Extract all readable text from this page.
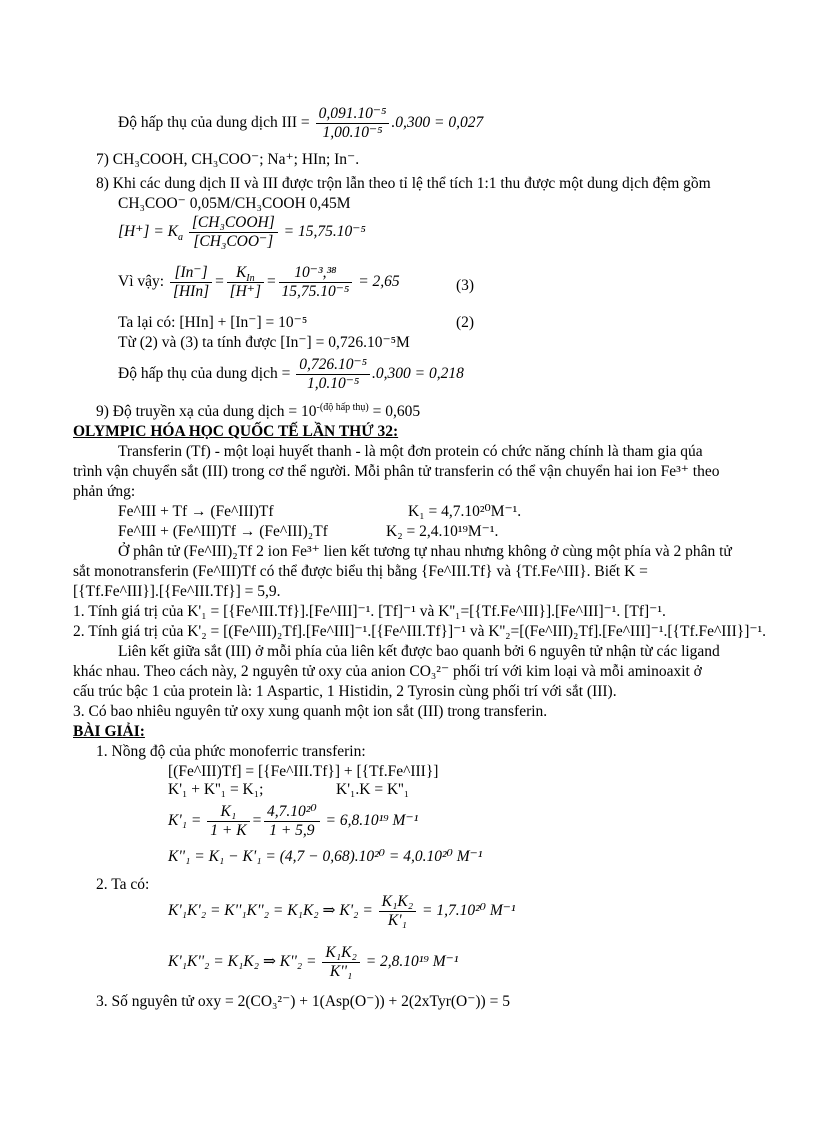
Độ hấp thụ của dung dịch III = $\frac{\text{0,091.10⁻⁵}}{\text{1,00.10⁻⁵}} .0,300 = 0,027$
7) CH₃COOH, CH₃COO⁻; Na⁺; HIn; In⁻.
8) Khi các dung dịch II và III được trộn lẫn theo tỉ lệ thể tích 1:1 thu được một dung dịch đệm gồm
CH₃COO⁻ 0,05M/CH₃COOH 0,45M
$[H^+] = K_a \frac{\text{[CH₃COOH]}}{\text{[CH₃COO⁻]}} = 15,75.10^{-5}$
Vì vậy: $\frac{[In^-]}{\text{[HIn]}} = \frac{K_{In}}{[H^+]} = \frac{\text{10⁻³,³⁸}}{\text{15,75.10⁻⁵}} = 2,65$	(3)
Ta lại có: [HIn] + [In⁻] = 10⁻⁵	(2)
Từ (2) và (3) ta tính được [In⁻] = 0,726.10⁻⁵M
Độ hấp thụ của dung dịch = $\frac{\text{0,726.10⁻⁵}}{\text{1,0.10⁻⁵}} .0,300 = 0,218$
9) Độ truyền xạ của dung dịch = $10^{-(độ hấp thụ)} = 0,605$
OLYMPIC HÓA HỌC QUỐC TẾ LẦN THỨ 32:
Transferin (Tf) - một loại huyết thanh - là một đơn protein có chức năng chính là tham gia qúa
trình vận chuyển sắt (III) trong cơ thể người. Mỗi phân tử transferin có thể vận chuyển hai ion Fe³⁺ theo
phản ứng:
Fe^III + Tf → (Fe^III)Tf	K₁ = 4,7.10²⁰M⁻¹.
Fe^III + (Fe^III)Tf → (Fe^III)₂Tf	K₂ = 2,4.10¹⁹M⁻¹.
Ở phân tử (Fe^III)₂Tf 2 ion Fe³⁺ lien kết tương tự nhau nhưng không ở cùng một phía và 2 phân tử
sắt monotransferin (Fe^III)Tf có thể được biểu thị bằng {Fe^III.Tf} và {Tf.Fe^III}. Biết K =
[{Tf.Fe^III}].[{Fe^III.Tf}] = 5,9.
1. Tính giá trị của K'₁ = [{Fe^III.Tf}].[Fe^III]⁻¹. [Tf]⁻¹ và K''₁=[{Tf.Fe^III}].[Fe^III]⁻¹. [Tf]⁻¹.
2. Tính giá trị của K'₂ = [(Fe^III)₂Tf].[Fe^III]⁻¹.[{Fe^III.Tf}]⁻¹ và K''₂=[(Fe^III)₂Tf].[Fe^III]⁻¹.[{Tf.Fe^III}]⁻¹.
Liên kết giữa sắt (III) ở mỗi phía của liên kết được bao quanh bởi 6 nguyên tử nhận từ các ligand
khác nhau. Theo cách này, 2 nguyên tử oxy của anion CO₃²⁻ phối trí với kim loại và mỗi aminoaxit ở
cấu trúc bậc 1 của protein là: 1 Aspartic, 1 Histidin, 2 Tyrosin cùng phối trí với sắt (III).
3. Có bao nhiêu nguyên tử oxy xung quanh một ion sắt (III) trong transferin.
BÀI GIẢI:
1. Nồng độ của phức monoferric transferin:
[(Fe^III)Tf] = [{Fe^III.Tf}] + [{Tf.Fe^III}]
K'₁ + K''₁ = K₁;	K'₁.K = K''₁
$K'_1 = \frac{\text{K₁}}{1 + K} = \frac{\text{4,7.10²⁰}}{1 + 5,9} = 6,8.10^{19}$ M⁻¹
K''₁ = K₁ − K'₁ = (4,7 − 0,68).10²⁰ = 4,0.10²⁰ M⁻¹
2. Ta có:
K'₁K'₂ = K''₁K''₂ = K₁K₂ ⇒ $K'_2 = \frac{\text{K₁K₂}}{\text{K'₁}} = 1,7.10^{20}$ M⁻¹
K'₁K''₂ = K₁K₂ ⇒ $K''_2 = \frac{\text{K₁K₂}}{\text{K''₁}} = 2,8.10^{19}$ M⁻¹
3. Số nguyên tử oxy = 2(CO₃²⁻) + 1(Asp(O⁻)) + 2(2xTyr(O⁻)) = 5
